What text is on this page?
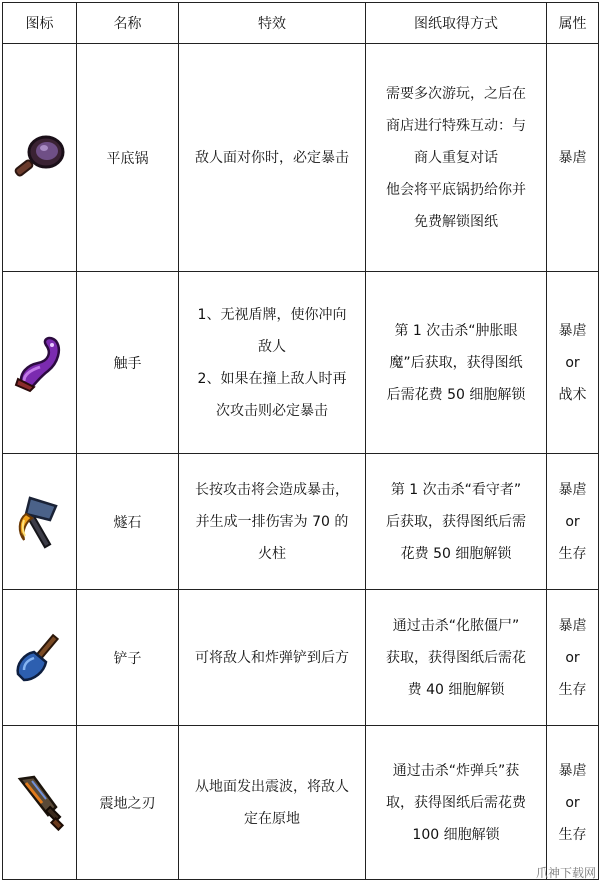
图标	名称	特效	图纸取得方式	属性

	平底锅	敌人面对你时，必定暴击	需要多次游玩，之后在
商店进行特殊互动：与
商人重复对话
他会将平底锅扔给你并
免费解锁图纸	暴虐

	触手	1、无视盾牌，使你冲向
敌人
2、如果在撞上敌人时再
次攻击则必定暴击	第 1 次击杀“肿胀眼
魔”后获取，获得图纸
后需花费 50 细胞解锁	暴虐
or
战术

	燧石	长按攻击将会造成暴击，
并生成一排伤害为 70 的
火柱	第 1 次击杀“看守者”
后获取，获得图纸后需
花费 50 细胞解锁	暴虐
or
生存

	铲子	可将敌人和炸弹铲到后方	通过击杀“化脓僵尸”
获取，获得图纸后需花
费 40 细胞解锁	暴虐
or
生存

	震地之刃	从地面发出震波，将敌人
定在原地	通过击杀“炸弹兵”获
取，获得图纸后需花费
100 细胞解锁	暴虐
or
生存
爪神下载网
